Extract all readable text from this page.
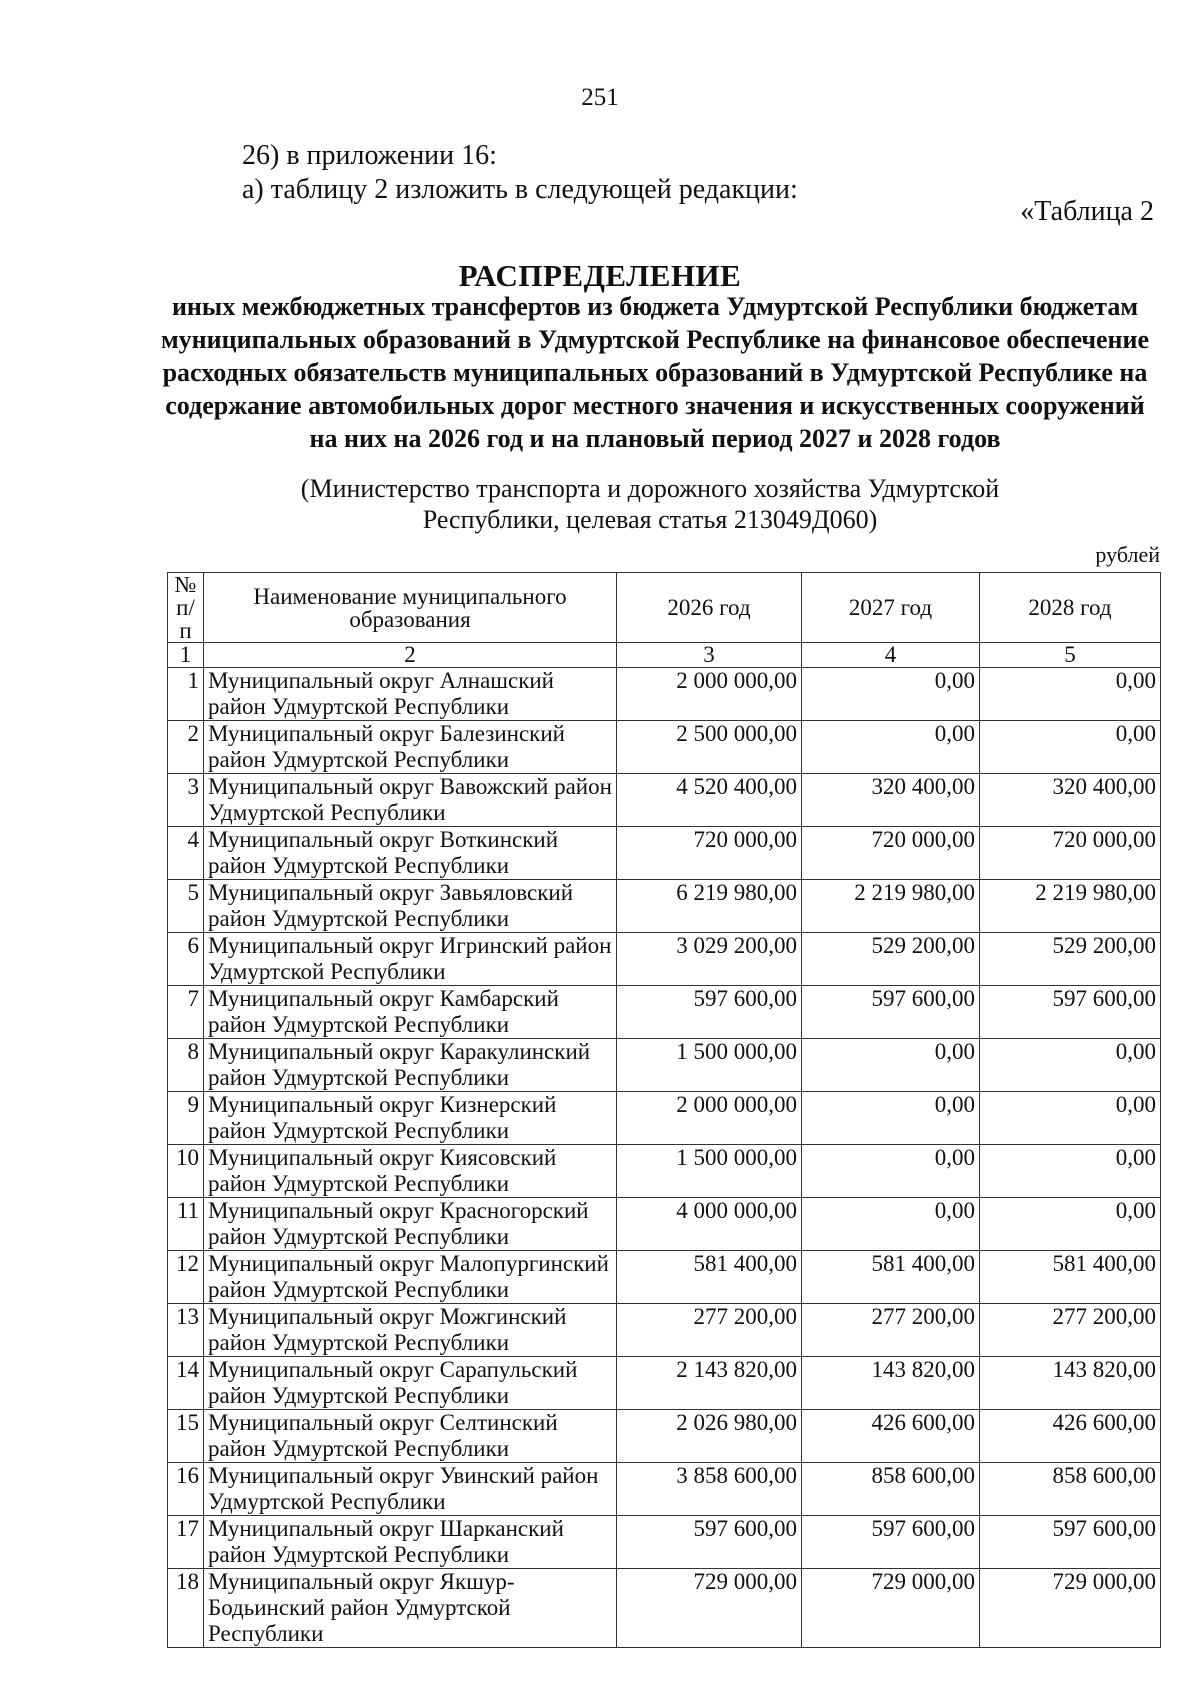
251
26) в приложении 16:
а) таблицу 2 изложить в следующей редакции:
«Таблица 2
РАСПРЕДЕЛЕНИЕ
иных межбюджетных трансфертов из бюджета Удмуртской Республики бюджетам муниципальных образований в Удмуртской Республике на финансовое обеспечение расходных обязательств муниципальных образований в Удмуртской Республике на содержание автомобильных дорог местного значения и искусственных сооружений на них на 2026 год и на плановый период 2027 и 2028 годов
(Министерство транспорта и дорожного хозяйства Удмуртской Республики, целевая статья 213049Д060)
рублей
№ п/п	Наименование муниципального образования	2026 год	2027 год	2028 год
1	2	3	4	5
1	Муниципальный округ Алнашский район Удмуртской Республики	2 000 000,00	0,00	0,00
2	Муниципальный округ Балезинский район Удмуртской Республики	2 500 000,00	0,00	0,00
3	Муниципальный округ Вавожский район Удмуртской Республики	4 520 400,00	320 400,00	320 400,00
4	Муниципальный округ Воткинский район Удмуртской Республики	720 000,00	720 000,00	720 000,00
5	Муниципальный округ Завьяловский район Удмуртской Республики	6 219 980,00	2 219 980,00	2 219 980,00
6	Муниципальный округ Игринский район Удмуртской Республики	3 029 200,00	529 200,00	529 200,00
7	Муниципальный округ Камбарский район Удмуртской Республики	597 600,00	597 600,00	597 600,00
8	Муниципальный округ Каракулинский район Удмуртской Республики	1 500 000,00	0,00	0,00
9	Муниципальный округ Кизнерский район Удмуртской Республики	2 000 000,00	0,00	0,00
10	Муниципальный округ Киясовский район Удмуртской Республики	1 500 000,00	0,00	0,00
11	Муниципальный округ Красногорский район Удмуртской Республики	4 000 000,00	0,00	0,00
12	Муниципальный округ Малопургинский район Удмуртской Республики	581 400,00	581 400,00	581 400,00
13	Муниципальный округ Можгинский район Удмуртской Республики	277 200,00	277 200,00	277 200,00
14	Муниципальный округ Сарапульский район Удмуртской Республики	2 143 820,00	143 820,00	143 820,00
15	Муниципальный округ Селтинский район Удмуртской Республики	2 026 980,00	426 600,00	426 600,00
16	Муниципальный округ Увинский район Удмуртской Республики	3 858 600,00	858 600,00	858 600,00
17	Муниципальный округ Шарканский район Удмуртской Республики	597 600,00	597 600,00	597 600,00
18	Муниципальный округ Якшур-Бодьинский район Удмуртской Республики	729 000,00	729 000,00	729 000,00
